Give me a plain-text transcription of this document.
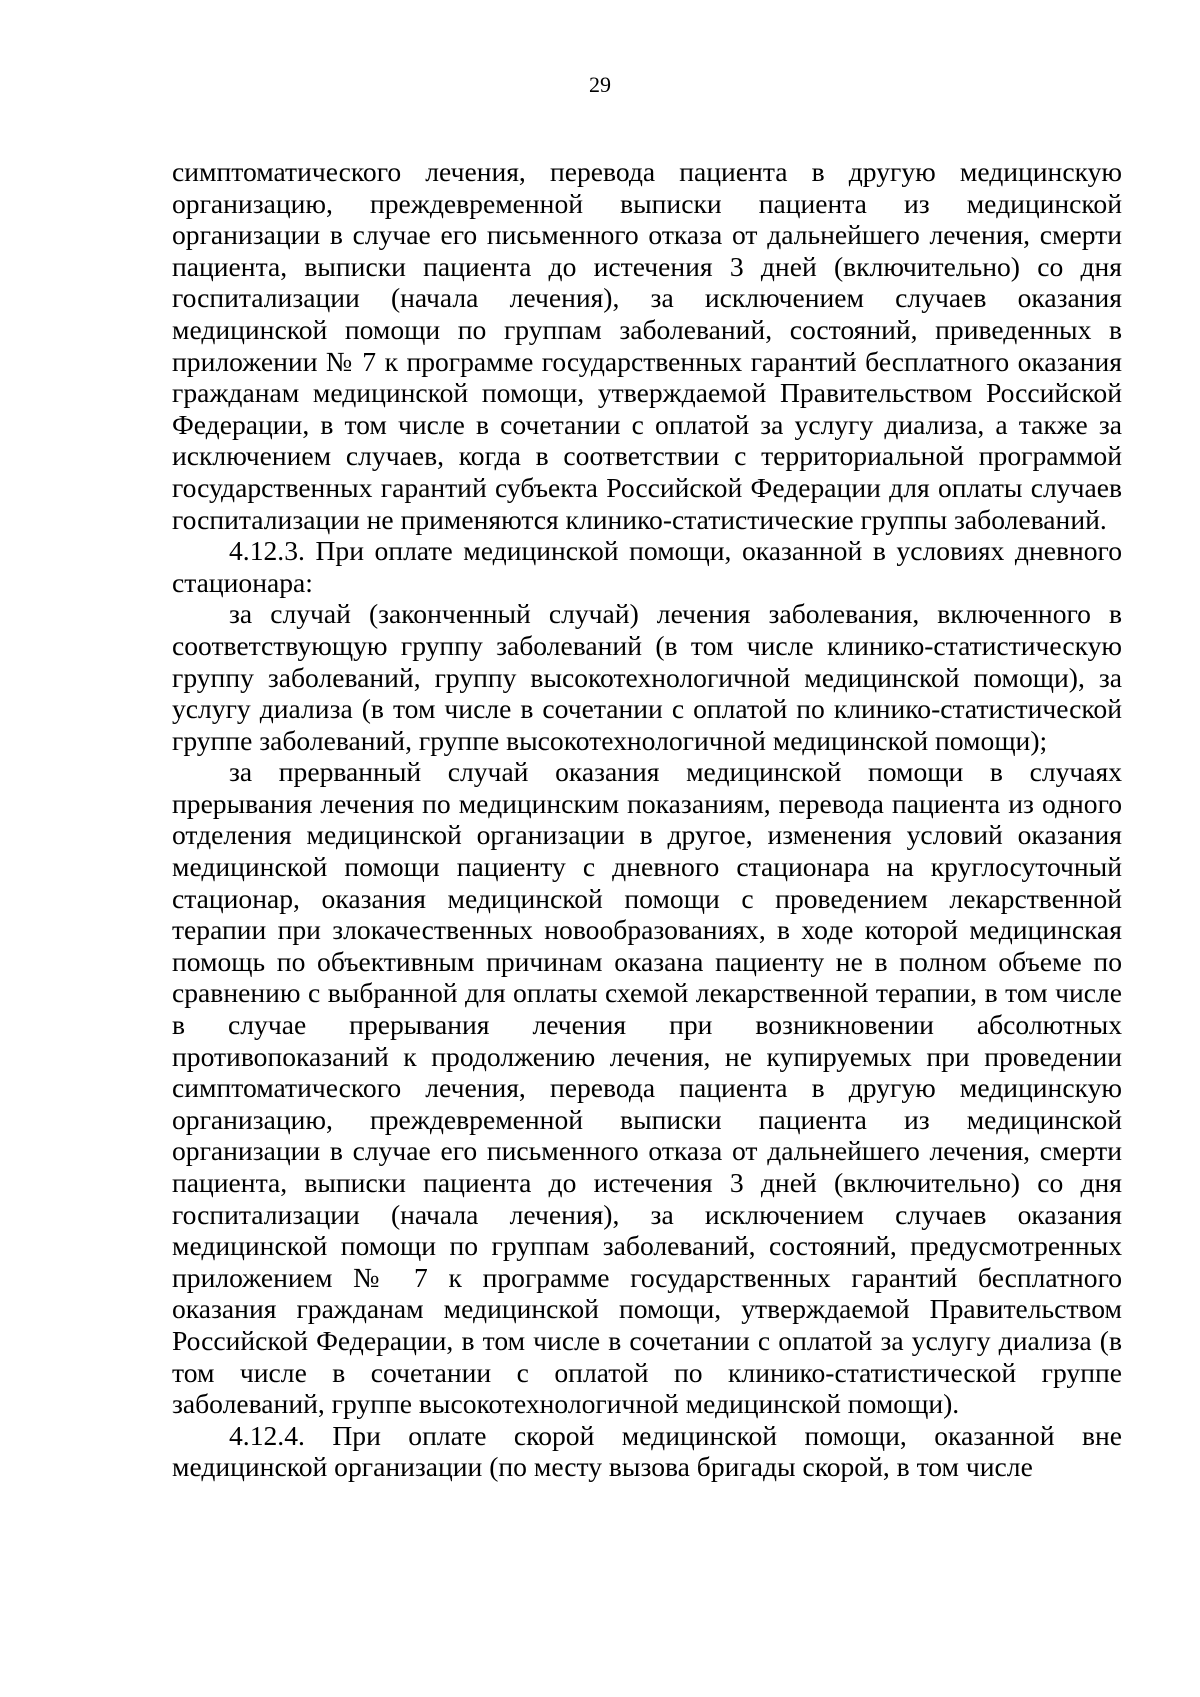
29

симптоматического лечения, перевода пациента в другую медицинскую организацию, преждевременной выписки пациента из медицинской организации в случае его письменного отказа от дальнейшего лечения, смерти пациента, выписки пациента до истечения 3 дней (включительно) со дня госпитализации (начала лечения), за исключением случаев оказания медицинской помощи по группам заболеваний, состояний, приведенных в приложении № 7 к программе государственных гарантий бесплатного оказания гражданам медицинской помощи, утверждаемой Правительством Российской Федерации, в том числе в сочетании с оплатой за услугу диализа, а также за исключением случаев, когда в соответствии с территориальной программой государственных гарантий субъекта Российской Федерации для оплаты случаев госпитализации не применяются клинико-статистические группы заболеваний.

4.12.3. При оплате медицинской помощи, оказанной в условиях дневного стационара:

за случай (законченный случай) лечения заболевания, включенного в соответствующую группу заболеваний (в том числе клинико-статистическую группу заболеваний, группу высокотехнологичной медицинской помощи), за услугу диализа (в том числе в сочетании с оплатой по клинико-статистической группе заболеваний, группе высокотехнологичной медицинской помощи);

за прерванный случай оказания медицинской помощи в случаях прерывания лечения по медицинским показаниям, перевода пациента из одного отделения медицинской организации в другое, изменения условий оказания медицинской помощи пациенту с дневного стационара на круглосуточный стационар, оказания медицинской помощи с проведением лекарственной терапии при злокачественных новообразованиях, в ходе которой медицинская помощь по объективным причинам оказана пациенту не в полном объеме по сравнению с выбранной для оплаты схемой лекарственной терапии, в том числе в случае прерывания лечения при возникновении абсолютных противопоказаний к продолжению лечения, не купируемых при проведении симптоматического лечения, перевода пациента в другую медицинскую организацию, преждевременной выписки пациента из медицинской организации в случае его письменного отказа от дальнейшего лечения, смерти пациента, выписки пациента до истечения 3 дней (включительно) со дня госпитализации (начала лечения), за исключением случаев оказания медицинской помощи по группам заболеваний, состояний, предусмотренных приложением № 7 к программе государственных гарантий бесплатного оказания гражданам медицинской помощи, утверждаемой Правительством Российской Федерации, в том числе в сочетании с оплатой за услугу диализа (в том числе в сочетании с оплатой по клинико-статистической группе заболеваний, группе высокотехнологичной медицинской помощи).

4.12.4. При оплате скорой медицинской помощи, оказанной вне медицинской организации (по месту вызова бригады скорой, в том числе
